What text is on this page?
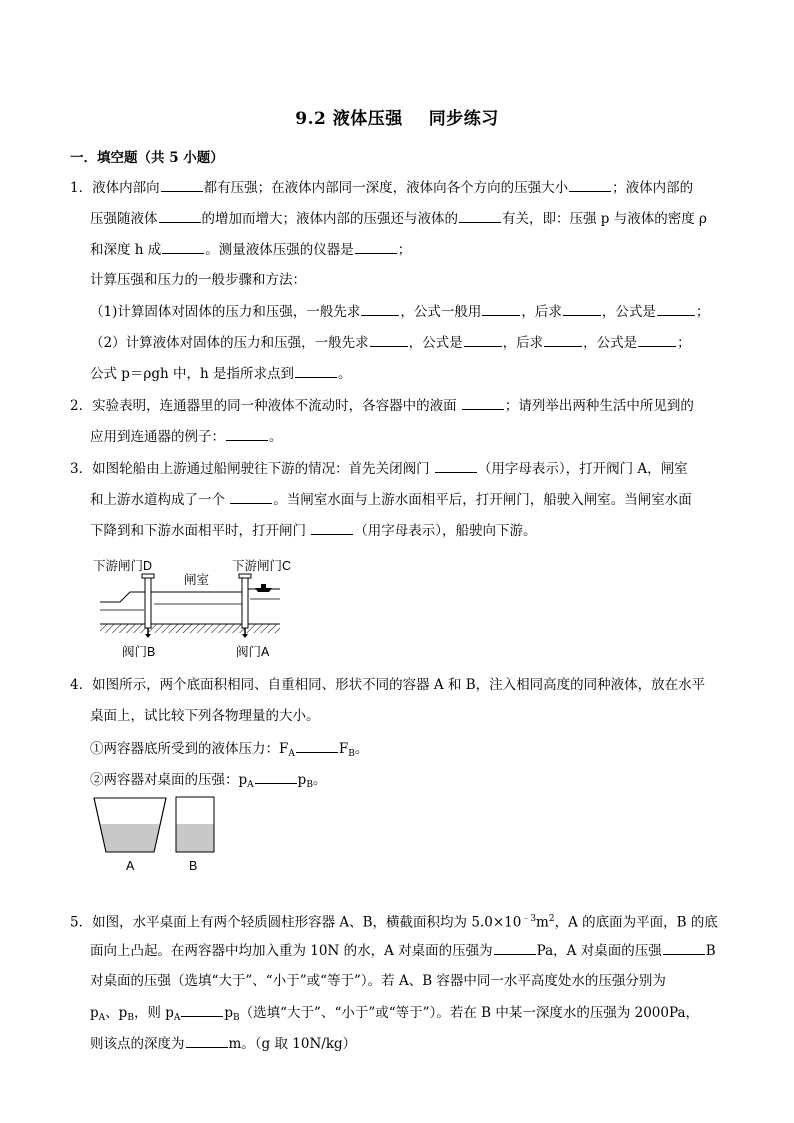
9.2 液体压强 同步练习
一．填空题（共 5 小题）
1．液体内部向	都有压强；在液体内部同一深度，液体向各个方向的压强大小	；液体内部的
压强随液体	的增加而增大；液体内部的压强还与液体的	有关，即：压强 p 与液体的密度 ρ
和深度 h 成	。测量液体压强的仪器是	；
计算压强和压力的一般步骤和方法：
（1)计算固体对固体的压力和压强，一般先求	，公式一般用	，后求	，公式是	；
（2）计算液体对固体的压力和压强，一般先求	，公式是	，后求	，公式是	；
公式 p＝ρgh 中，h 是指所求点到	。
2．实验表明，连通器里的同一种液体不流动时，各容器中的液面	；请列举出两种生活中所见到的
应用到连通器的例子：	。
3．如图轮船由上游通过船闸驶往下游的情况：首先关闭阀门	（用字母表示），打开阀门 A，闸室
和上游水道构成了一个	。当闸室水面与上游水面相平后，打开闸门，船驶入闸室。当闸室水面
下降到和下游水面相平时，打开闸门	（用字母表示），船驶向下游。
下游闸门D	下游闸门C
闸室
阀门B	阀门A
4．如图所示，两个底面积相同、自重相同、形状不同的容器 A 和 B，注入相同高度的同种液体，放在水平
桌面上，试比较下列各物理量的大小。
①两容器底所受到的液体压力：$F_A$	$F_B$。
②两容器对桌面的压强：$p_A$	$p_B$。
A	B
5．如图，水平桌面上有两个轻质圆柱形容器 A、B，横截面积均为 $5.0\times 10^{﹣3}m^2$，A 的底面为平面，B 的底
面向上凸起。在两容器中均加入重为 10N 的水，A 对桌面的压强为	Pa，A 对桌面的压强	B
对桌面的压强（选填“大于”、“小于”或“等于”）。若 A、B 容器中同一水平高度处水的压强分别为
$p_A$、$p_B$，则 $p_A$	$p_B$（选填“大于”、“小于”或“等于”）。若在 B 中某一深度水的压强为 2000Pa，
则该点的深度为	m。（g 取 10N/kg）
